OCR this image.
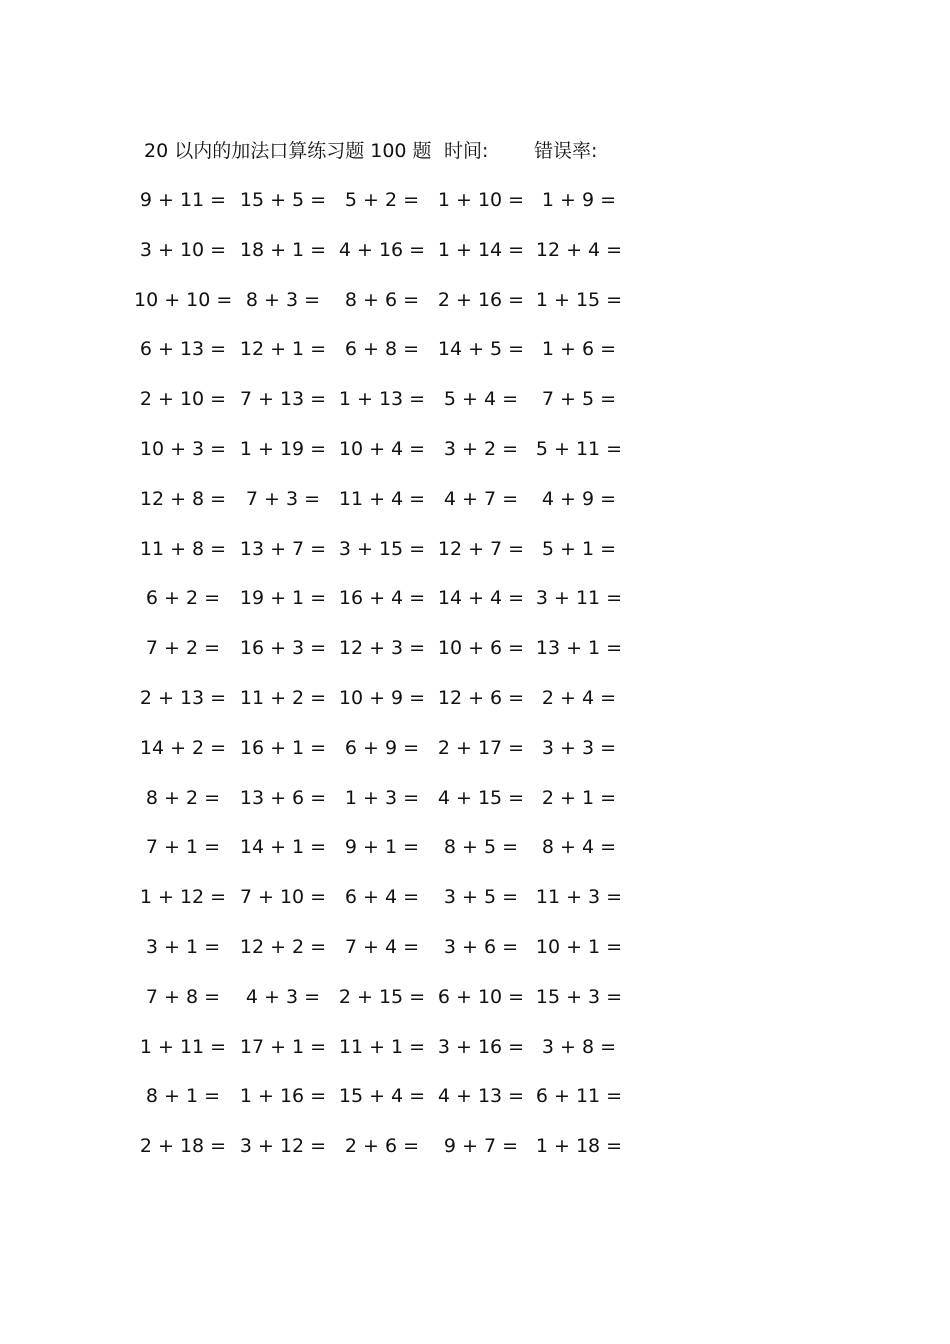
20 以内的加法口算练习题 100 题 时间: 错误率:
9 + 11 = 15 + 5 = 5 + 2 = 1 + 10 = 1 + 9 =
3 + 10 = 18 + 1 = 4 + 16 = 1 + 14 = 12 + 4 =
10 + 10 = 8 + 3 =	8 + 6 = 2 + 16 = 1 + 15 =
6 + 13 = 12 + 1 = 6 + 8 = 14 + 5 = 1 + 6 =
2 + 10 = 7 + 13 = 1 + 13 = 5 + 4 =	7 + 5 =
10 + 3 = 1 + 19 = 10 + 4 = 3 + 2 = 5 + 11 =
12 + 8 =	7 + 3 = 11 + 4 = 4 + 7 =	4 + 9 =
11 + 8 = 13 + 7 = 3 + 15 = 12 + 7 = 5 + 1 =
6 + 2 =	19 + 1 = 16 + 4 = 14 + 4 = 3 + 11 =
7 + 2 =	16 + 3 = 12 + 3 = 10 + 6 = 13 + 1 =
2 + 13 = 11 + 2 = 10 + 9 = 12 + 6 = 2 + 4 =
14 + 2 = 16 + 1 = 6 + 9 = 2 + 17 = 3 + 3 =
8 + 2 =	13 + 6 = 1 + 3 = 4 + 15 = 2 + 1 =
7 + 1 =	14 + 1 = 9 + 1 =	8 + 5 =	8 + 4 =
1 + 12 = 7 + 10 = 6 + 4 =	3 + 5 = 11 + 3 =
3 + 1 =	12 + 2 = 7 + 4 =	3 + 6 = 10 + 1 =
7 + 8 =	4 + 3 = 2 + 15 = 6 + 10 = 15 + 3 =
1 + 11 = 17 + 1 = 11 + 1 = 3 + 16 = 3 + 8 =
8 + 1 =	1 + 16 = 15 + 4 = 4 + 13 = 6 + 11 =
2 + 18 = 3 + 12 = 2 + 6 =	9 + 7 = 1 + 18 =
